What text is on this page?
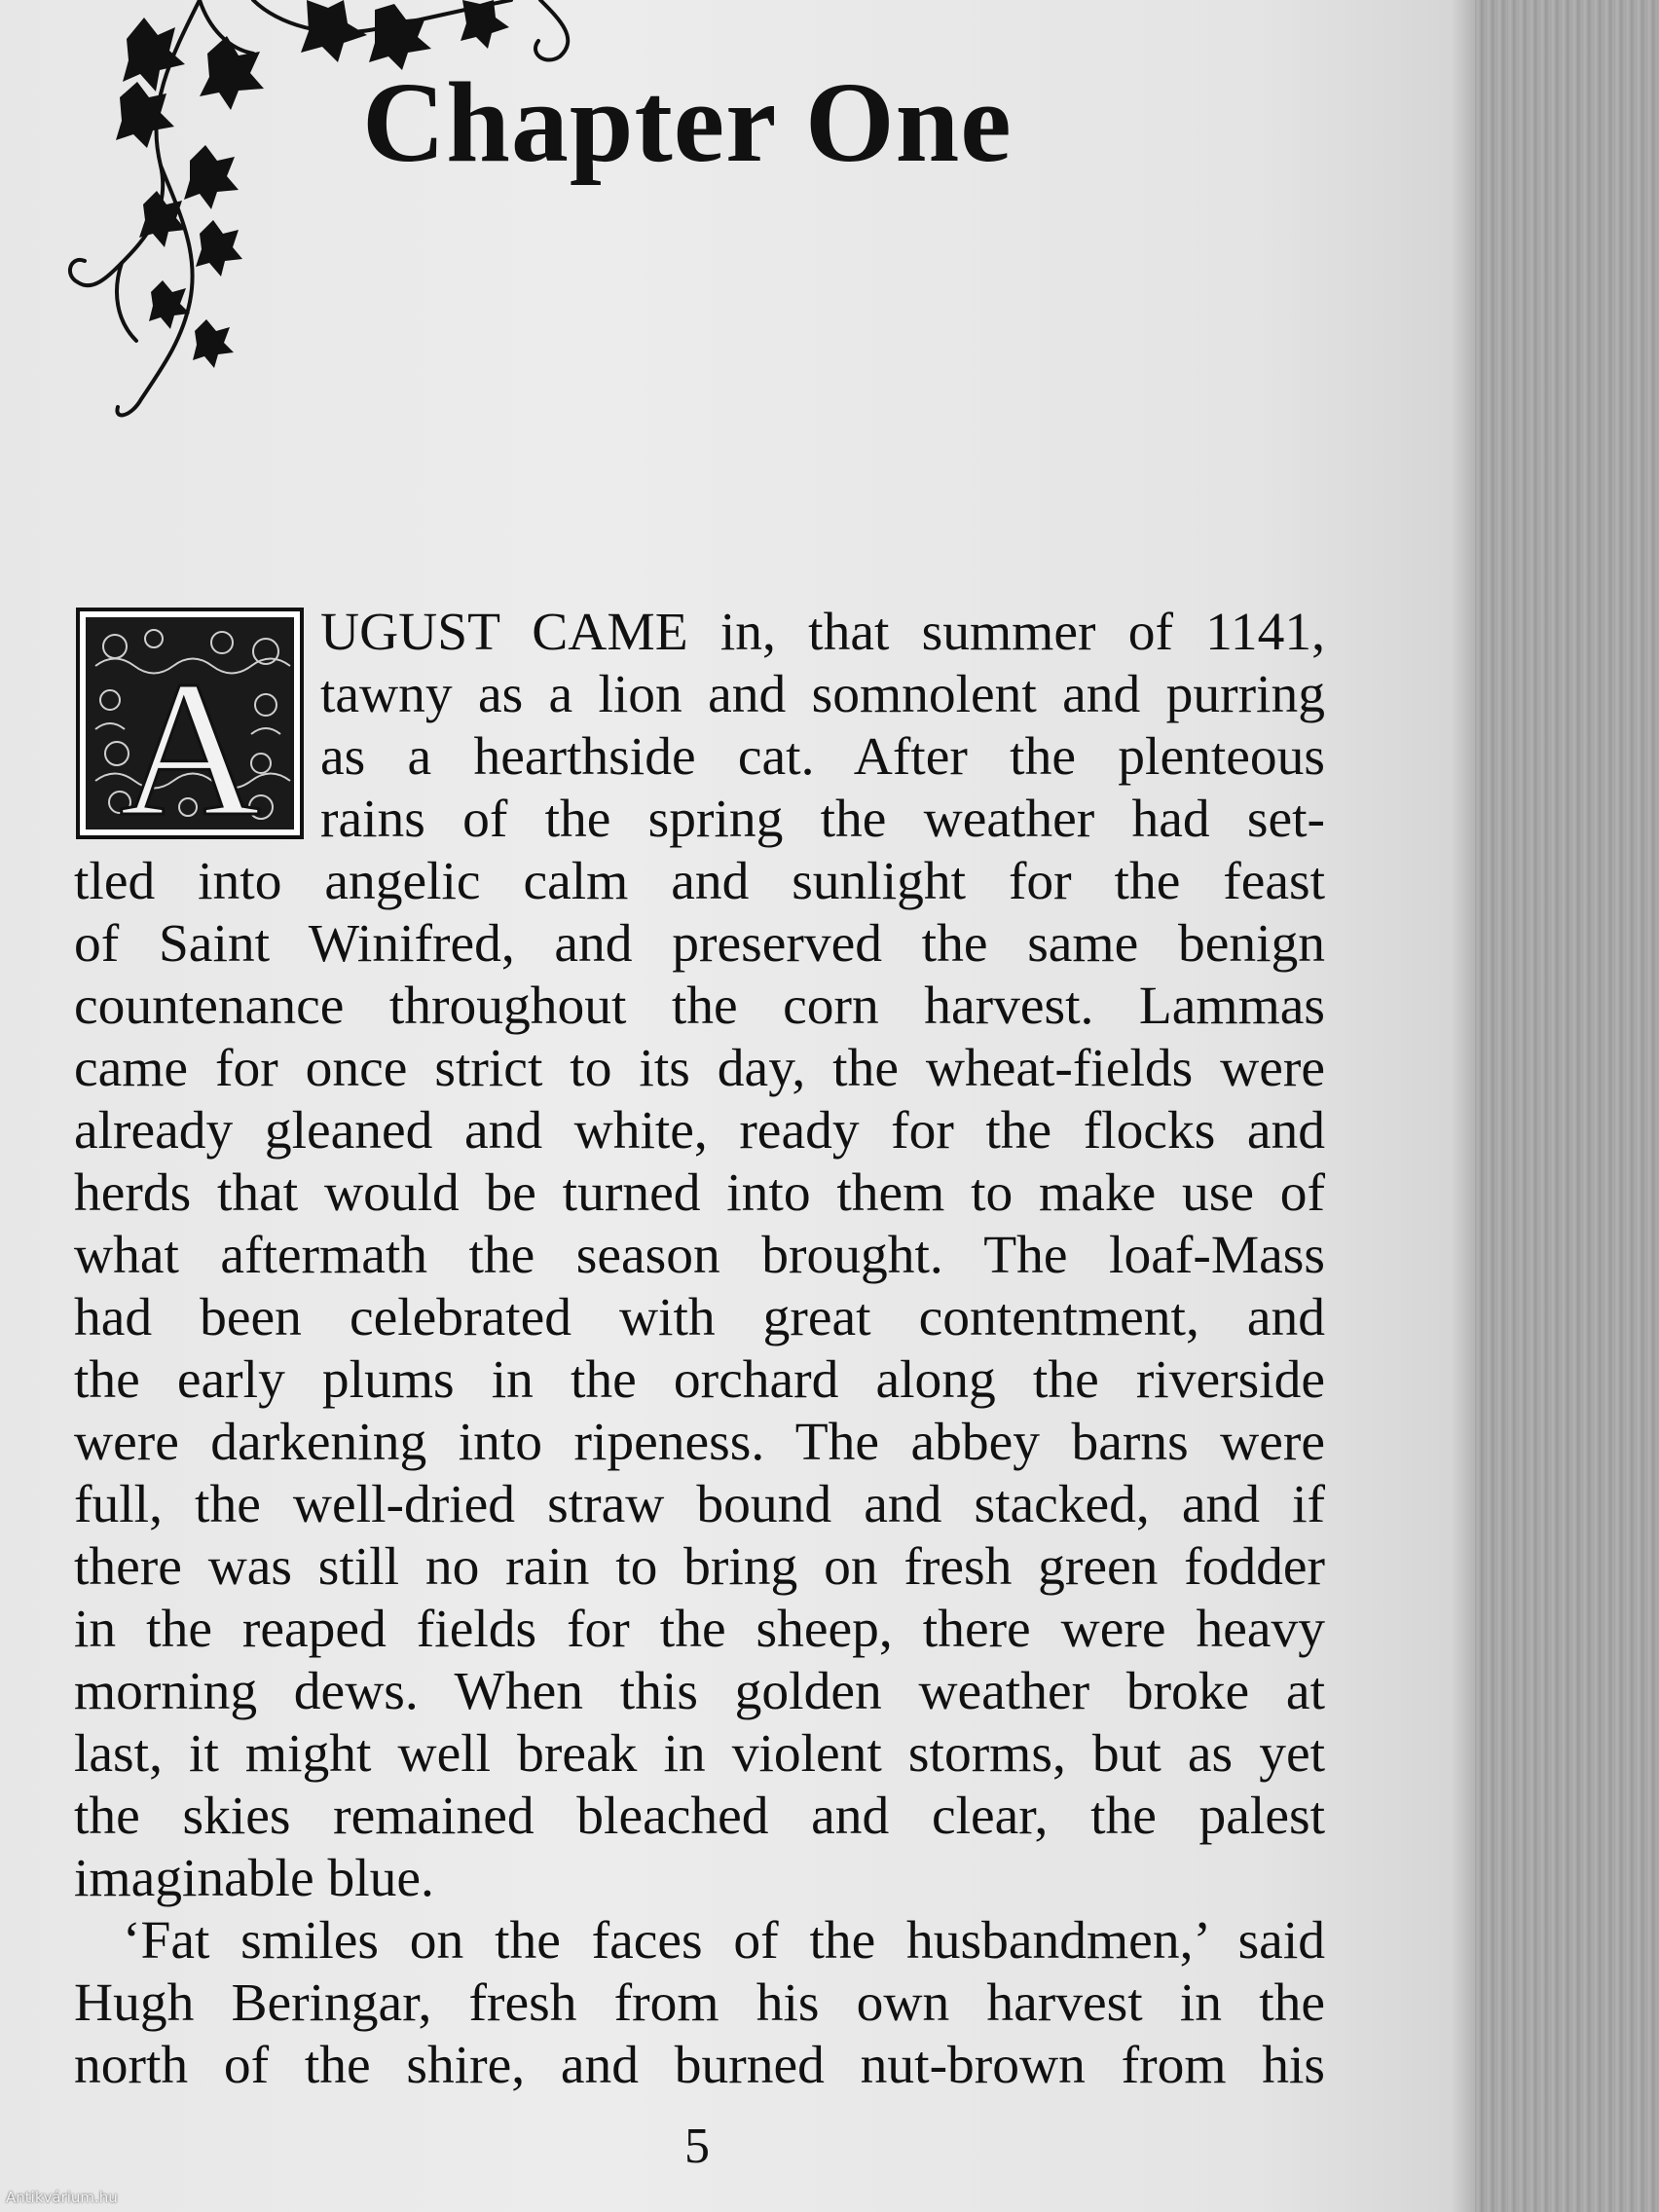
Chapter One
A

UGUST CAME in, that summer of 1141,
tawny as a lion and somnolent and purring
as a hearthside cat. After the plenteous
rains of the spring the weather had set-
tled into angelic calm and sunlight for the feast
of Saint Winifred, and preserved the same benign
countenance throughout the corn harvest. Lammas
came for once strict to its day, the wheat-fields were
already gleaned and white, ready for the flocks and
herds that would be turned into them to make use of
what aftermath the season brought. The loaf-Mass
had been celebrated with great contentment, and
the early plums in the orchard along the riverside
were darkening into ripeness. The abbey barns were
full, the well-dried straw bound and stacked, and if
there was still no rain to bring on fresh green fodder
in the reaped fields for the sheep, there were heavy
morning dews. When this golden weather broke at
last, it might well break in violent storms, but as yet
the skies remained bleached and clear, the palest
imaginable blue.

‘Fat smiles on the faces of the husbandmen,’ said
Hugh Beringar, fresh from his own harvest in the
north of the shire, and burned nut-brown from his

5
Antikvárium.hu
